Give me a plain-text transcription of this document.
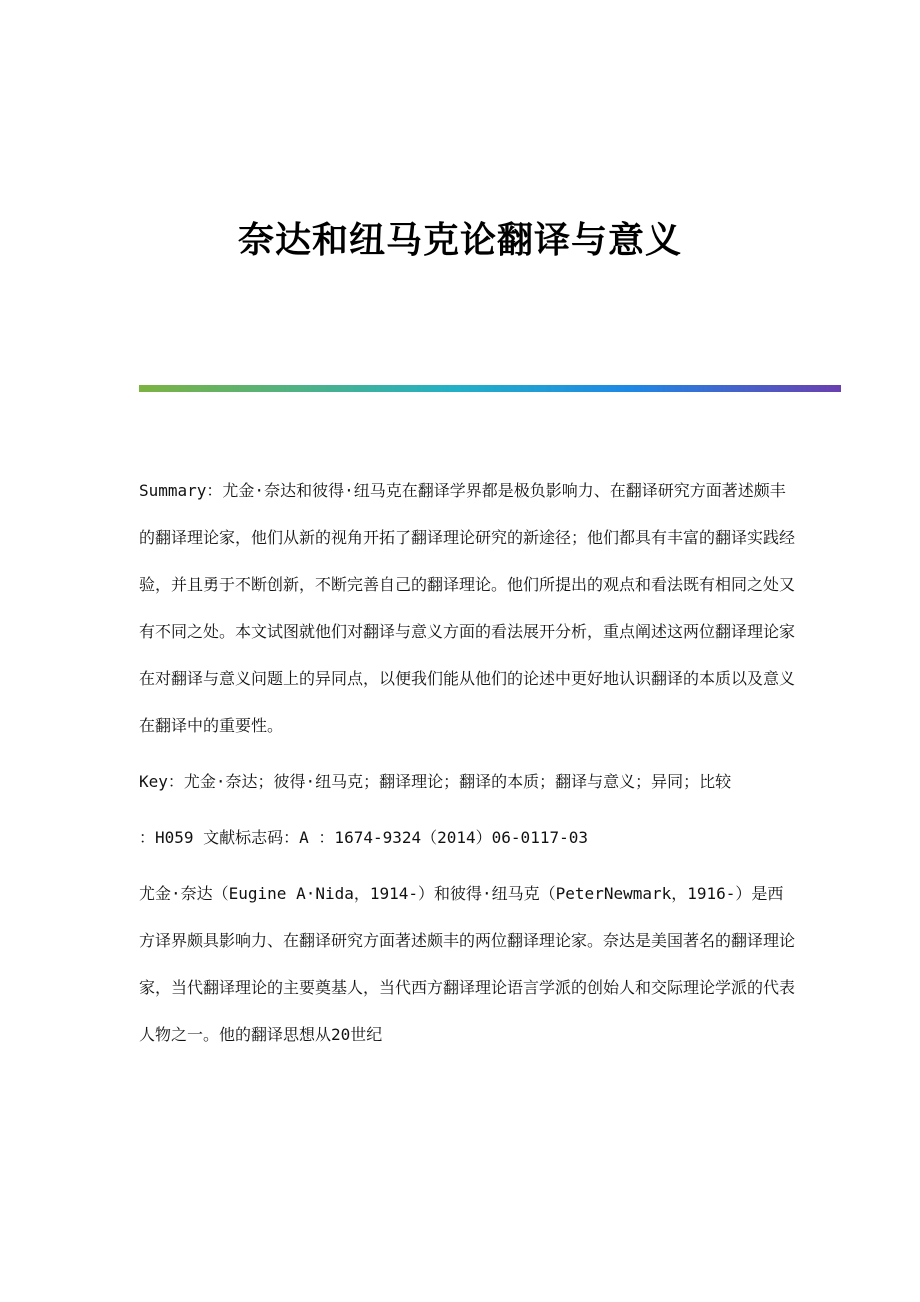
奈达和纽马克论翻译与意义

Summary：尤金·奈达和彼得·纽马克在翻译学界都是极负影响力、在翻译研究方面著述颇丰的翻译理论家，他们从新的视角开拓了翻译理论研究的新途径；他们都具有丰富的翻译实践经验，并且勇于不断创新，不断完善自己的翻译理论。他们所提出的观点和看法既有相同之处又有不同之处。本文试图就他们对翻译与意义方面的看法展开分析，重点阐述这两位翻译理论家在对翻译与意义问题上的异同点，以便我们能从他们的论述中更好地认识翻译的本质以及意义在翻译中的重要性。

Key：尤金·奈达；彼得·纽马克；翻译理论；翻译的本质；翻译与意义；异同；比较

：H059 文献标志码：A ：1674-9324（2014）06-0117-03

尤金·奈达（Eugine A·Nida，1914-）和彼得·纽马克（PeterNewmark，1916-）是西方译界颇具影响力、在翻译研究方面著述颇丰的两位翻译理论家。奈达是美国著名的翻译理论家，当代翻译理论的主要奠基人，当代西方翻译理论语言学派的创始人和交际理论学派的代表人物之一。他的翻译思想从20世纪
